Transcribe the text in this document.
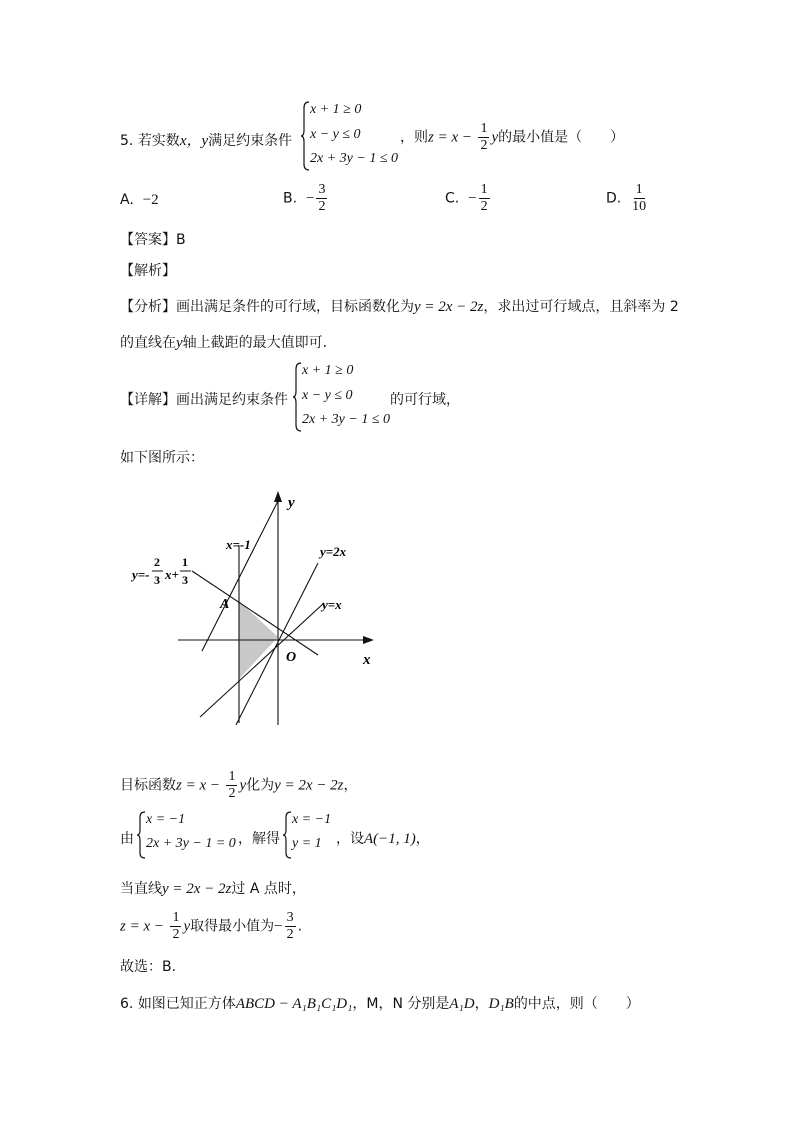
5. 若实数x，y满足约束条件
x + 1 ≥ 0
x − y ≤ 0
2x + 3y − 1 ≤ 0
，则$z = x - \frac{1}{2}$ y的最小值是（　　）
A. −2	B. − $\frac{3}{2}$	C. − $\frac{1}{2}$	D. $\frac{1}{10}$
【答案】B
【解析】
【分析】画出满足条件的可行域，目标函数化为y = 2x − 2z，求出过可行域点，且斜率为 2
的直线在y轴上截距的最大值即可.
【详解】画出满足约束条件
x + 1 ≥ 0
x − y ≤ 0
2x + 3y − 1 ≤ 0
的可行域，
如下图所示：
y
x
O
A
x=-1	y=2x
y=x
y=-
2
3 x+
1
3
目标函数$z = x - \frac{1}{2}$ y化为y = 2x − 2z，
由
x = −1
2x + 3y − 1 = 0 ，解得
x = −1
y = 1 ，设A(−1, 1)，
当直线y = 2x − 2z过 A 点时，
$z = x - \frac{1}{2}$ y取得最小值为− $\frac{3}{2}$ .
故选：B.
6. 如图已知正方体ABCD − A₁B₁C₁D₁，M，N 分别是A₁D，D₁B的中点，则（　　）
